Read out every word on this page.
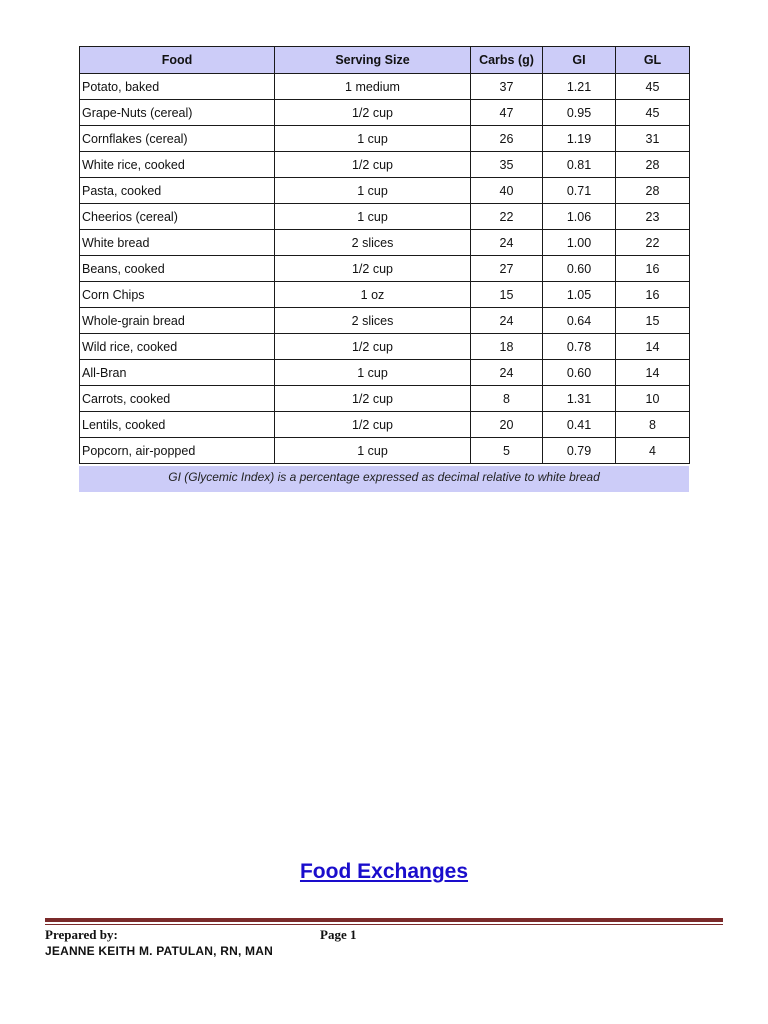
Food	Serving Size	Carbs (g)	GI	GL
Potato, baked	1 medium	37	1.21	45
Grape-Nuts (cereal)	1/2 cup	47	0.95	45
Cornflakes (cereal)	1 cup	26	1.19	31
White rice, cooked	1/2 cup	35	0.81	28
Pasta, cooked	1 cup	40	0.71	28
Cheerios (cereal)	1 cup	22	1.06	23
White bread	2 slices	24	1.00	22
Beans, cooked	1/2 cup	27	0.60	16
Corn Chips	1 oz	15	1.05	16
Whole-grain bread	2 slices	24	0.64	15
Wild rice, cooked	1/2 cup	18	0.78	14
All-Bran	1 cup	24	0.60	14
Carrots, cooked	1/2 cup	8	1.31	10
Lentils, cooked	1/2 cup	20	0.41	8
Popcorn, air-popped	1 cup	5	0.79	4
GI (Glycemic Index) is a percentage expressed as decimal relative to white bread
Food Exchanges
Prepared by:	Page 1
JEANNE KEITH M. PATULAN, RN, MAN
